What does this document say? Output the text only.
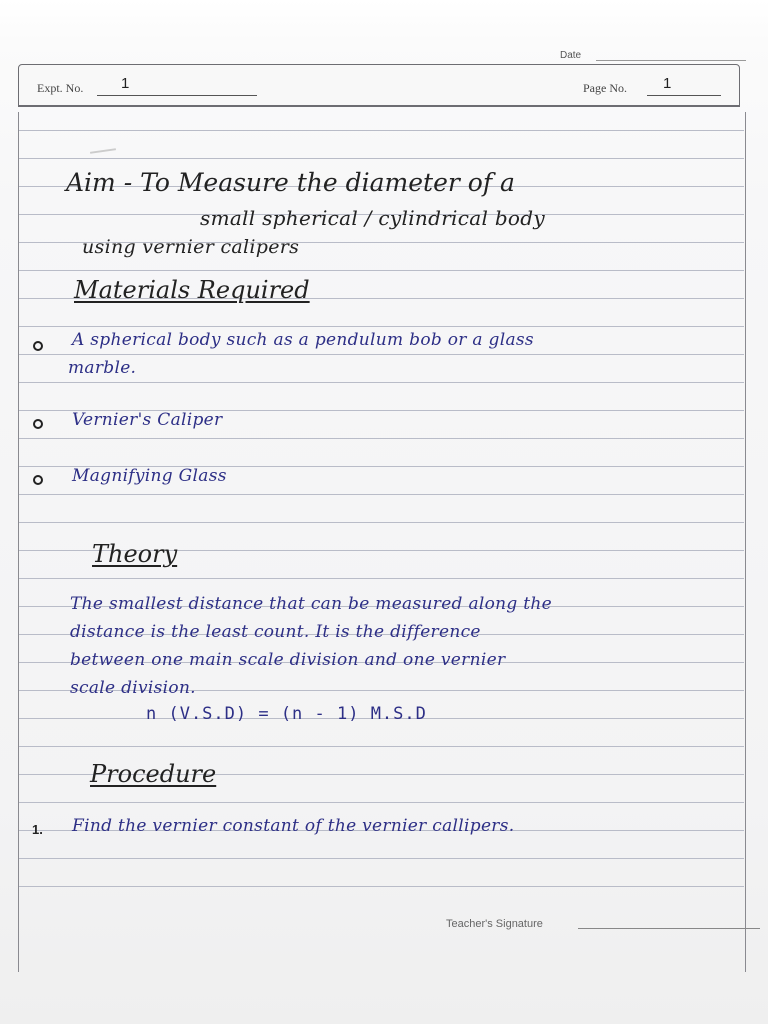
Date
Expt. No.	1	Page No. 1
Aim - To Measure the diameter of a
small spherical / cylindrical body
using vernier calipers
Materials Required
A spherical body such as a pendulum bob or a glass
marble.
Vernier's Caliper
Magnifying Glass
Theory
The smallest distance that can be measured along the
distance is the least count. It is the difference
between one main scale division and one vernier
scale division.
n (V.S.D) = (n - 1) M.S.D
Procedure
1. Find the vernier constant of the vernier callipers.
Teacher's Signature
